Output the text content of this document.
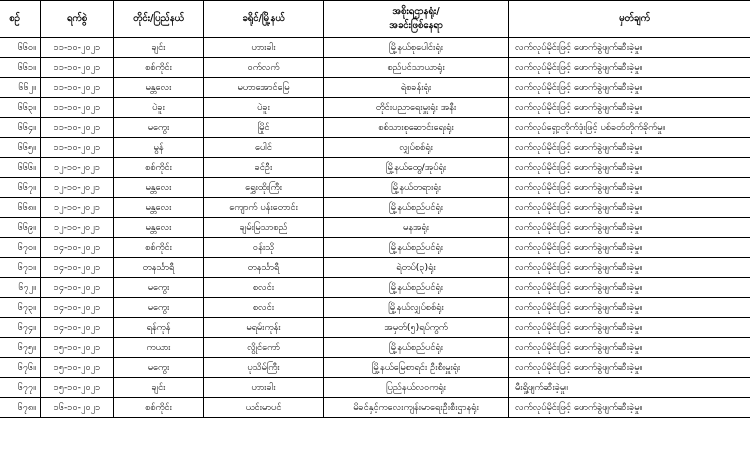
စဉ်	ရက်စွဲ	တိုင်း/ပြည်နယ်	ခရိုင်/မြို့နယ်	အစိုးရဌာနရုံး/
အခင်းဖြစ်နေရာ	မှတ်ချက်
၆၆၀။	၁၁-၁၀-၂၀၂၁	ချင်း	ဟားခါး	မြို့နယ်စုပေါင်းရုံး	လက်လုပ်မိုင်းဖြင့် ဖောက်ခွဲဖျက်ဆီးခဲ့မှု။
၆၆၁။	၁၁-၁၀-၂၀၂၁	စစ်ကိုင်း	ဝက်လက်	စည်ပင်သာယာရုံး	လက်လုပ်မိုင်းဖြင့် ဖောက်ခွဲဖျက်ဆီးခဲ့မှု။
၆၆၂။	၁၁-၁၀-၂၀၂၁	မန္တလေး	မဟာအောင်မြေ	ရဲစခန်းရုံး	လက်လုပ်မိုင်းဖြင့် ဖောက်ခွဲဖျက်ဆီးခဲ့မှု။
၆၆၃။	၁၁-၁၀-၂၀၂၁	ပဲခူး	ပဲခူး	တိုင်းပညာရေးမှူးရုံး အနီး	လက်လုပ်မိုင်းဖြင့် ဖောက်ခွဲဖျက်ဆီးခဲ့မှု။
၆၆၄။	၁၁-၁၀-၂၀၂၁	မကွေး	မြိုင်	စစ်သားစုဆောင်းရေးရုံး	လက်လုပ်ရှော့တိုက်ဒုံးဖြင့် ပစ်ခတ်တိုက်ခိုက်မှု။
၆၆၅။	၁၁-၁၀-၂၀၂၁	မွန်	ပေါင်	လျှပ်စစ်ရုံး	လက်လုပ်မိုင်းဖြင့် ဖောက်ခွဲဖျက်ဆီးခဲ့မှု။
၆၆၆။	၁၂-၁၀-၂၀၂၁	စစ်ကိုင်း	ခင်ဦး	မြို့နယ်ထွေ/အုပ်ရုံး	လက်လုပ်မိုင်းဖြင့် ဖောက်ခွဲဖျက်ဆီးခဲ့မှု။
၆၆၇။	၁၂-၁၀-၂၀၂၁	မန္တလေး	ရွှေးထိုးကြီး	မြို့နယ်တရားရုံး	လက်လုပ်မိုင်းဖြင့် ဖောက်ခွဲဖျက်ဆီးခဲ့မှု။
၆၆၈။	၁၂-၁၀-၂၀၂၁	မန္တလေး	ကျောက် ပန်းတောင်း	မြို့နယ်စည်ပင်ရုံး	လက်လုပ်မိုင်းဖြင့် ဖောက်ခွဲဖျက်ဆီးခဲ့မှု။
၆၆၉။	၁၂-၁၀-၂၀၂၁	မန္တလေး	ချမ်းမြသာစည်	မနအရုံး	လက်လုပ်မိုင်းဖြင့် ဖောက်ခွဲဖျက်ဆီးခဲ့မှု။
၆၇၀။	၁၄-၁၀-၂၀၂၁	စစ်ကိုင်း	ဝန်းသို	မြို့နယ်စည်ပင်ရုံး	လက်လုပ်မိုင်းဖြင့် ဖောက်ခွဲဖျက်ဆီးခဲ့မှု။
၆၇၁။	၁၄-၁၀-၂၀၂၁	တနင်္သာရီ	တနင်္သာရီ	ရဲတပ်(၃)ရုံး	လက်လုပ်မိုင်းဖြင့် ဖောက်ခွဲဖျက်ဆီးခဲ့မှု။
၆၇၂။	၁၄-၁၀-၂၀၂၁	မကွေး	စလင်း	မြို့နယ်စည်ပင်ရုံး	လက်လုပ်မိုင်းဖြင့် ဖောက်ခွဲဖျက်ဆီးခဲ့မှု။
၆၇၃။	၁၄-၁၀-၂၀၂၁	မကွေး	စလင်း	မြို့နယ်လျှပ်စစ်ရုံး	လက်လုပ်မိုင်းဖြင့် ဖောက်ခွဲဖျက်ဆီးခဲ့မှု။
၆၇၄။	၁၄-၁၀-၂၀၂၁	ရန်ကုန်	မရမ်းကုန်း	အမှတ်(၅)ရပ်ကွက်	လက်လုပ်မိုင်းဖြင့် ဖောက်ခွဲဖျက်ဆီးခဲ့မှု။
၆၇၅။	၁၅-၁၀-၂၀၂၁	ကယား	လွိုင်ကော်	မြို့နယ်စည်ပင်ရုံး	လက်လုပ်မိုင်းဖြင့် ဖောက်ခွဲဖျက်ဆီးခဲ့မှု။
၆၇၆။	၁၅-၁၀-၂၀၂၁	မကွေး	ပုသိမ်ကြီး	မြို့နယ်မြေစာရင်း ဦးစီးမှူးရုံး	လက်လုပ်မိုင်းဖြင့် ဖောက်ခွဲဖျက်ဆီးခဲ့မှု။
၆၇၇။	၁၅-၁၀-၂၀၂၁	ချင်း	ဟားခါး	ပြည်နယ်လဝကရုံး	မီးရှို့ဖျက်ဆီးခဲ့မှု။
၆၇၈။	၁၆-၁၀-၂၀၂၁	စစ်ကိုင်း	ယင်းမာပင်	မိခင်နှင့်ကလေးကျန်းမာရေးဦးစီးဌာနရုံး	လက်လုပ်မိုင်းဖြင့် ဖောက်ခွဲဖျက်ဆီးခဲ့မှု။
